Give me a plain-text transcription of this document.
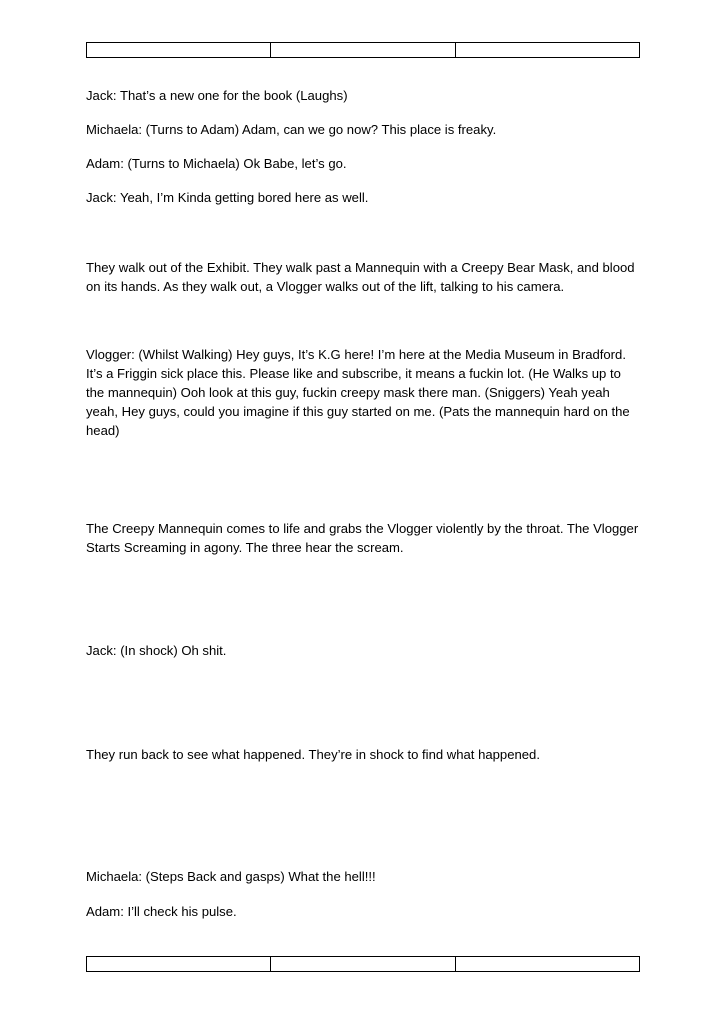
Jack: That’s a new one for the book (Laughs)

Michaela: (Turns to Adam) Adam, can we go now? This place is freaky.

Adam: (Turns to Michaela) Ok Babe, let’s go.

Jack: Yeah, I’m Kinda getting bored here as well.

They walk out of the Exhibit. They walk past a Mannequin with a Creepy Bear Mask, and blood on its hands. As they walk out, a Vlogger walks out of the lift, talking to his camera.

Vlogger: (Whilst Walking) Hey guys, It’s K.G here! I’m here at the Media Museum in Bradford. It’s a Friggin sick place this. Please like and subscribe, it means a fuckin lot. (He Walks up to the mannequin) Ooh look at this guy, fuckin creepy mask there man. (Sniggers) Yeah yeah yeah, Hey guys, could you imagine if this guy started on me. (Pats the mannequin hard on the head)

The Creepy Mannequin comes to life and grabs the Vlogger violently by the throat. The Vlogger Starts Screaming in agony. The three hear the scream.

Jack: (In shock) Oh shit.

They run back to see what happened. They’re in shock to find what happened.

Michaela: (Steps Back and gasps) What the hell!!!

Adam: I’ll check his pulse.
